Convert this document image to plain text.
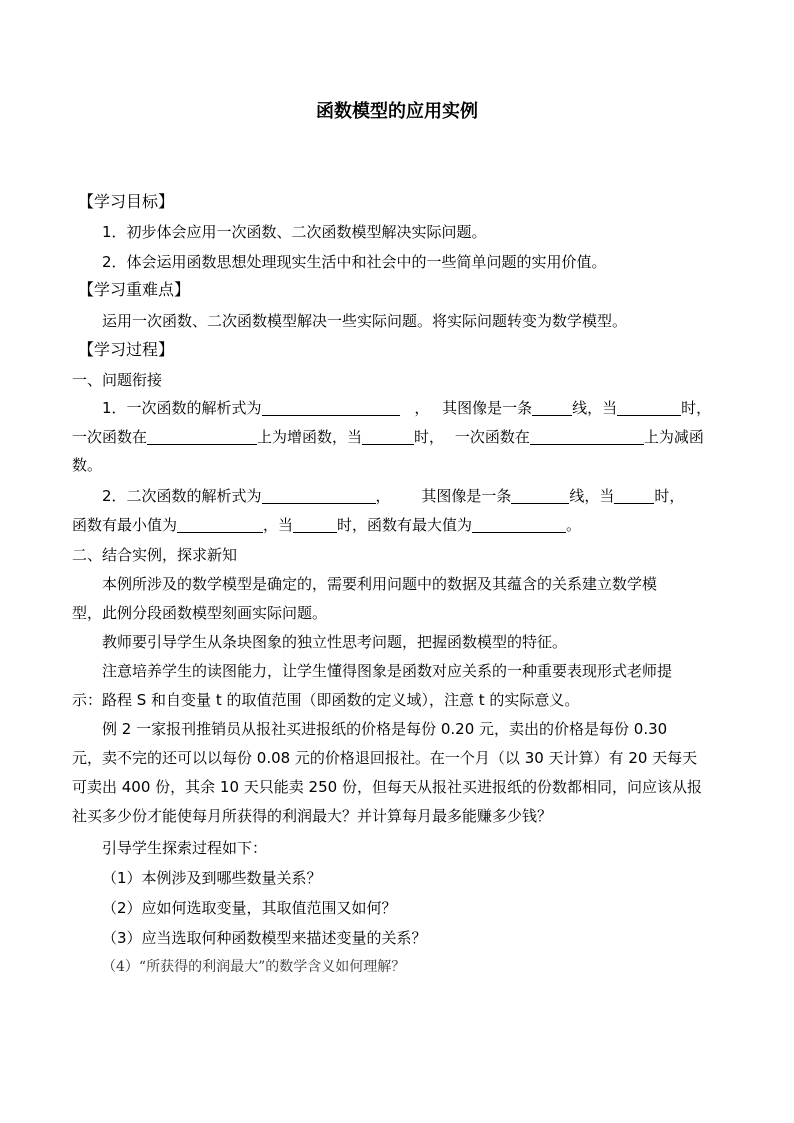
函数模型的应用实例
【学习目标】
1．初步体会应用一次函数、二次函数模型解决实际问题。
2．体会运用函数思想处理现实生活中和社会中的一些简单问题的实用价值。
【学习重难点】
运用一次函数、二次函数模型解决一些实际问题。将实际问题转变为数学模型。
【学习过程】
一、问题衔接
1．一次函数的解析式为	， 其图像是一条	线，当	时，
一次函数在	上为增函数，当	时， 一次函数在	上为减函
数。
2．二次函数的解析式为	， 其图像是一条	线，当	时，
函数有最小值为	，当	时，函数有最大值为	。
二、结合实例，探求新知
本例所涉及的数学模型是确定的，需要利用问题中的数据及其蕴含的关系建立数学模
型，此例分段函数模型刻画实际问题。
教师要引导学生从条块图象的独立性思考问题，把握函数模型的特征。
注意培养学生的读图能力，让学生懂得图象是函数对应关系的一种重要表现形式老师提
示：路程 S 和自变量 t 的取值范围（即函数的定义域），注意 t 的实际意义。
例 2 一家报刊推销员从报社买进报纸的价格是每份 0.20 元，卖出的价格是每份 0.30
元，卖不完的还可以以每份 0.08 元的价格退回报社。在一个月（以 30 天计算）有 20 天每天
可卖出 400 份，其余 10 天只能卖 250 份，但每天从报社买进报纸的份数都相同，问应该从报
社买多少份才能使每月所获得的利润最大？并计算每月最多能赚多少钱？
引导学生探索过程如下：
（1）本例涉及到哪些数量关系？
（2）应如何选取变量，其取值范围又如何？
（3）应当选取何种函数模型来描述变量的关系？
（4）“所获得的利润最大”的数学含义如何理解？
